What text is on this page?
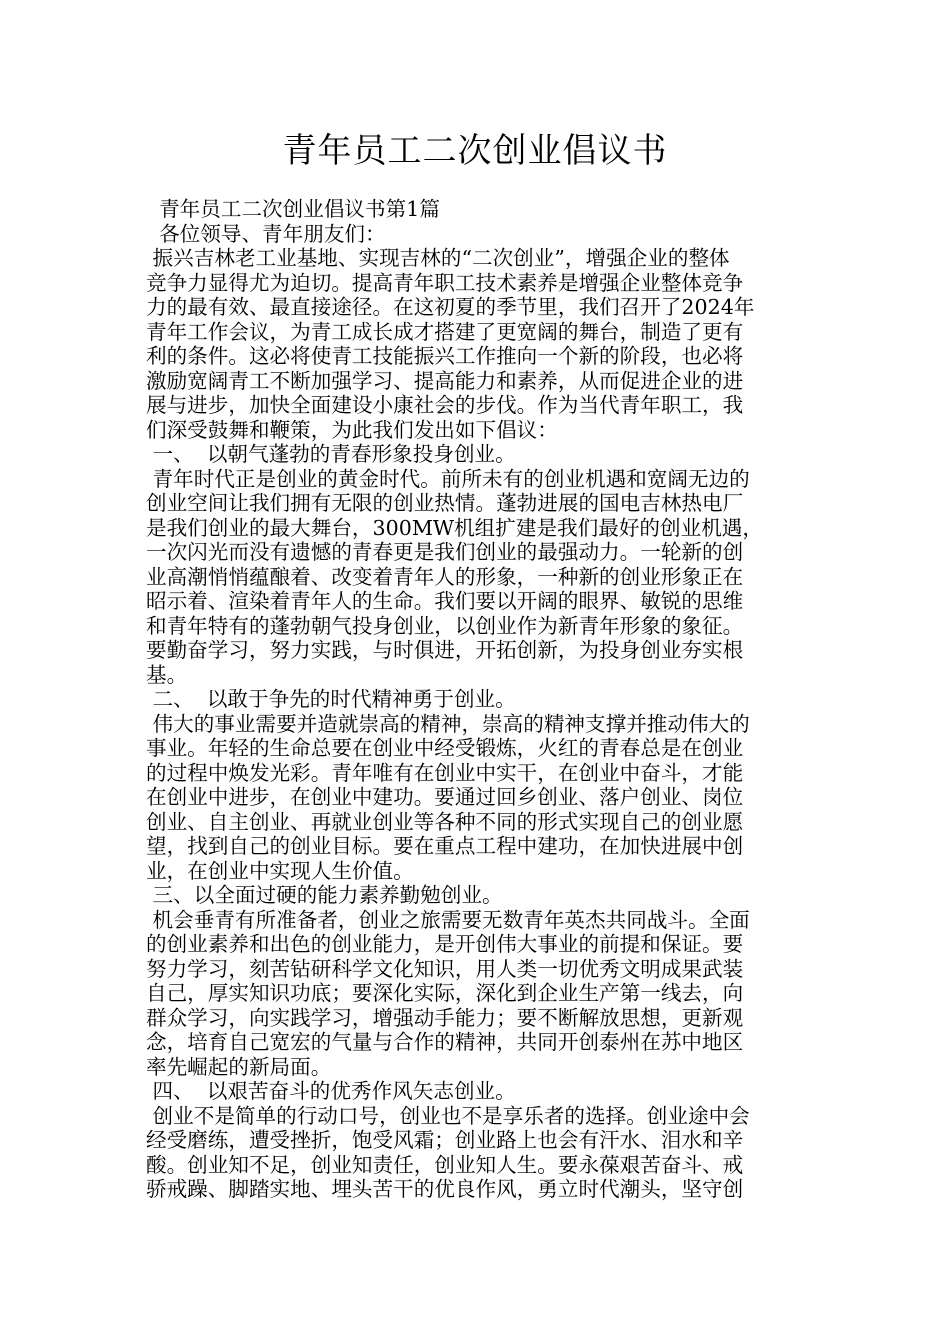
青年员工二次创业倡议书
青年员工二次创业倡议书第1篇
各位领导、青年朋友们：
振兴吉林老工业基地、实现吉林的“二次创业”，增强企业的整体
竞争力显得尤为迫切。提高青年职工技术素养是增强企业整体竞争
力的最有效、最直接途径。在这初夏的季节里，我们召开了2024年
青年工作会议，为青工成长成才搭建了更宽阔的舞台，制造了更有
利的条件。这必将使青工技能振兴工作推向一个新的阶段，也必将
激励宽阔青工不断加强学习、提高能力和素养，从而促进企业的进
展与进步，加快全面建设小康社会的步伐。作为当代青年职工，我
们深受鼓舞和鞭策，为此我们发出如下倡议：
一、  以朝气蓬勃的青春形象投身创业。
青年时代正是创业的黄金时代。前所未有的创业机遇和宽阔无边的
创业空间让我们拥有无限的创业热情。蓬勃进展的国电吉林热电厂
是我们创业的最大舞台，300MW机组扩建是我们最好的创业机遇，
一次闪光而没有遗憾的青春更是我们创业的最强动力。一轮新的创
业高潮悄悄蕴酿着、改变着青年人的形象，一种新的创业形象正在
昭示着、渲染着青年人的生命。我们要以开阔的眼界、敏锐的思维
和青年特有的蓬勃朝气投身创业，以创业作为新青年形象的象征。
要勤奋学习，努力实践，与时俱进，开拓创新，为投身创业夯实根
基。
二、  以敢于争先的时代精神勇于创业。
伟大的事业需要并造就崇高的精神，崇高的精神支撑并推动伟大的
事业。年轻的生命总要在创业中经受锻炼，火红的青春总是在创业
的过程中焕发光彩。青年唯有在创业中实干，在创业中奋斗，才能
在创业中进步，在创业中建功。要通过回乡创业、落户创业、岗位
创业、自主创业、再就业创业等各种不同的形式实现自己的创业愿
望，找到自己的创业目标。要在重点工程中建功，在加快进展中创
业，在创业中实现人生价值。
三、以全面过硬的能力素养勤勉创业。
机会垂青有所准备者，创业之旅需要无数青年英杰共同战斗。全面
的创业素养和出色的创业能力，是开创伟大事业的前提和保证。要
努力学习，刻苦钻研科学文化知识，用人类一切优秀文明成果武装
自己，厚实知识功底；要深化实际，深化到企业生产第一线去，向
群众学习，向实践学习，增强动手能力；要不断解放思想，更新观
念，培育自己宽宏的气量与合作的精神，共同开创泰州在苏中地区
率先崛起的新局面。
四、  以艰苦奋斗的优秀作风矢志创业。
创业不是简单的行动口号，创业也不是享乐者的选择。创业途中会
经受磨练，遭受挫折，饱受风霜；创业路上也会有汗水、泪水和辛
酸。创业知不足，创业知责任，创业知人生。要永葆艰苦奋斗、戒
骄戒躁、脚踏实地、埋头苦干的优良作风，勇立时代潮头，坚守创
